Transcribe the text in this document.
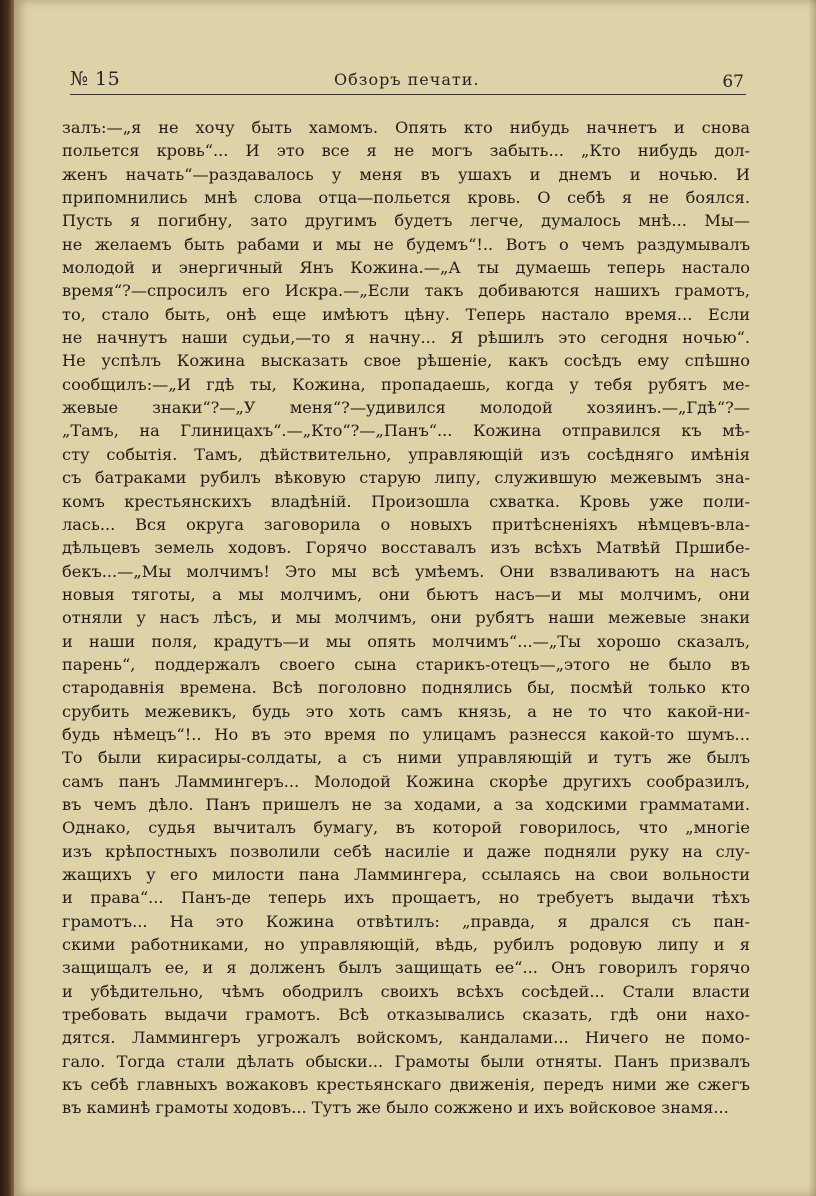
№ 15	Обзоръ печати.	67
залъ:—„я не хочу быть хамомъ. Опять кто нибудь начнетъ и снова
польется кровь“... И это все я не могъ забыть... „Кто нибудь дол-
женъ начать“—раздавалось у меня въ ушахъ и днемъ и ночью. И
припомнились мнѣ слова отца—польется кровь. О себѣ я не боялся.
Пусть я погибну, зато другимъ будетъ легче, думалось мнѣ... Мы—
не желаемъ быть рабами и мы не будемъ“!.. Вотъ о чемъ раздумывалъ
молодой и энергичный Янъ Кожина.—„А ты думаешь теперь настало
время“?—спросилъ его Искра.—„Если такъ добиваются нашихъ грамотъ,
то, стало быть, онѣ еще имѣютъ цѣну. Теперь настало время... Если
не начнутъ наши судьи,—то я начну... Я рѣшилъ это сегодня ночью“.
Не успѣлъ Кожина высказать свое рѣшеніе, какъ сосѣдъ ему спѣшно
сообщилъ:—„И гдѣ ты, Кожина, пропадаешь, когда у тебя рубятъ ме-
жевые знаки“?—„У меня“?—удивился молодой хозяинъ.—„Гдѣ“?—
„Тамъ, на Глиницахъ“.—„Кто“?—„Панъ“... Кожина отправился къ мѣ-
сту событія. Тамъ, дѣйствительно, управляющій изъ сосѣдняго имѣнія
съ батраками рубилъ вѣковую старую липу, служившую межевымъ зна-
комъ крестьянскихъ владѣній. Произошла схватка. Кровь уже поли-
лась... Вся округа заговорила о новыхъ притѣсненіяхъ нѣмцевъ-вла-
дѣльцевъ земель ходовъ. Горячо восставалъ изъ всѣхъ Матвѣй Пршибе-
бекъ...—„Мы молчимъ! Это мы всѣ умѣемъ. Они взваливаютъ на насъ
новыя тяготы, а мы молчимъ, они бьютъ насъ—и мы молчимъ, они
отняли у насъ лѣсъ, и мы молчимъ, они рубятъ наши межевые знаки
и наши поля, крадутъ—и мы опять молчимъ“...—„Ты хорошо сказалъ,
парень“, поддержалъ своего сына старикъ-отецъ—„этого не было въ
стародавнія времена. Всѣ поголовно поднялись бы, посмѣй только кто
срубить межевикъ, будь это хоть самъ князь, а не то что какой-ни-
будь нѣмецъ“!.. Но въ это время по улицамъ разнесся какой-то шумъ...
То были кирасиры-солдаты, а съ ними управляющій и тутъ же былъ
самъ панъ Ламмингеръ... Молодой Кожина скорѣе другихъ сообразилъ,
въ чемъ дѣло. Панъ пришелъ не за ходами, а за ходскими грамматами.
Однако, судья вычиталъ бумагу, въ которой говорилось, что „многіе
изъ крѣпостныхъ позволили себѣ насиліе и даже подняли руку на слу-
жащихъ у его милости пана Ламмингера, ссылаясь на свои вольности
и права“... Панъ-де теперь ихъ прощаетъ, но требуетъ выдачи тѣхъ
грамотъ... На это Кожина отвѣтилъ: „правда, я дрался съ пан-
скими работниками, но управляющій, вѣдь, рубилъ родовую липу и я
защищалъ ее, и я долженъ былъ защищать ее“... Онъ говорилъ горячо
и убѣдительно, чѣмъ ободрилъ своихъ всѣхъ сосѣдей... Стали власти
требовать выдачи грамотъ. Всѣ отказывались сказать, гдѣ они нахо-
дятся. Ламмингеръ угрожалъ войскомъ, кандалами... Ничего не помо-
гало. Тогда стали дѣлать обыски... Грамоты были отняты. Панъ призвалъ
къ себѣ главныхъ вожаковъ крестьянскаго движенія, передъ ними же сжегъ
въ каминѣ грамоты ходовъ... Тутъ же было сожжено и ихъ войсковое знамя...
